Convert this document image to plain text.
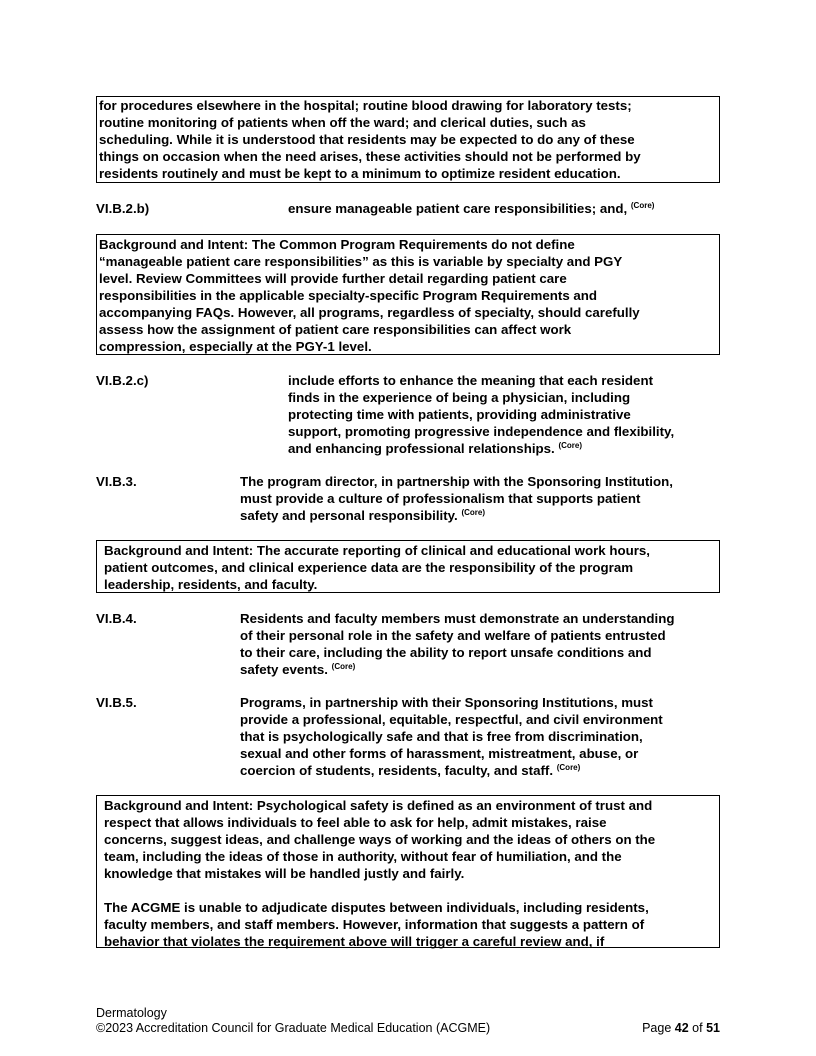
for procedures elsewhere in the hospital; routine blood drawing for laboratory tests;
routine monitoring of patients when off the ward; and clerical duties, such as
scheduling. While it is understood that residents may be expected to do any of these
things on occasion when the need arises, these activities should not be performed by
residents routinely and must be kept to a minimum to optimize resident education.
VI.B.2.b)	ensure manageable patient care responsibilities; and, $^{(Core)}$
Background and Intent: The Common Program Requirements do not define
“manageable patient care responsibilities” as this is variable by specialty and PGY
level. Review Committees will provide further detail regarding patient care
responsibilities in the applicable specialty-specific Program Requirements and
accompanying FAQs. However, all programs, regardless of specialty, should carefully
assess how the assignment of patient care responsibilities can affect work
compression, especially at the PGY-1 level.
VI.B.2.c)	include efforts to enhance the meaning that each resident
finds in the experience of being a physician, including
protecting time with patients, providing administrative
support, promoting progressive independence and flexibility,
and enhancing professional relationships. $^{(Core)}$
VI.B.3.	The program director, in partnership with the Sponsoring Institution,
must provide a culture of professionalism that supports patient
safety and personal responsibility. $^{(Core)}$
Background and Intent: The accurate reporting of clinical and educational work hours,
patient outcomes, and clinical experience data are the responsibility of the program
leadership, residents, and faculty.
VI.B.4.	Residents and faculty members must demonstrate an understanding
of their personal role in the safety and welfare of patients entrusted
to their care, including the ability to report unsafe conditions and
safety events. $^{(Core)}$
VI.B.5.	Programs, in partnership with their Sponsoring Institutions, must
provide a professional, equitable, respectful, and civil environment
that is psychologically safe and that is free from discrimination,
sexual and other forms of harassment, mistreatment, abuse, or
coercion of students, residents, faculty, and staff. $^{(Core)}$
Background and Intent: Psychological safety is defined as an environment of trust and
respect that allows individuals to feel able to ask for help, admit mistakes, raise
concerns, suggest ideas, and challenge ways of working and the ideas of others on the
team, including the ideas of those in authority, without fear of humiliation, and the
knowledge that mistakes will be handled justly and fairly.
The ACGME is unable to adjudicate disputes between individuals, including residents,
faculty members, and staff members. However, information that suggests a pattern of
behavior that violates the requirement above will trigger a careful review and, if
Dermatology
©2023 Accreditation Council for Graduate Medical Education (ACGME)	Page 42 of 51
